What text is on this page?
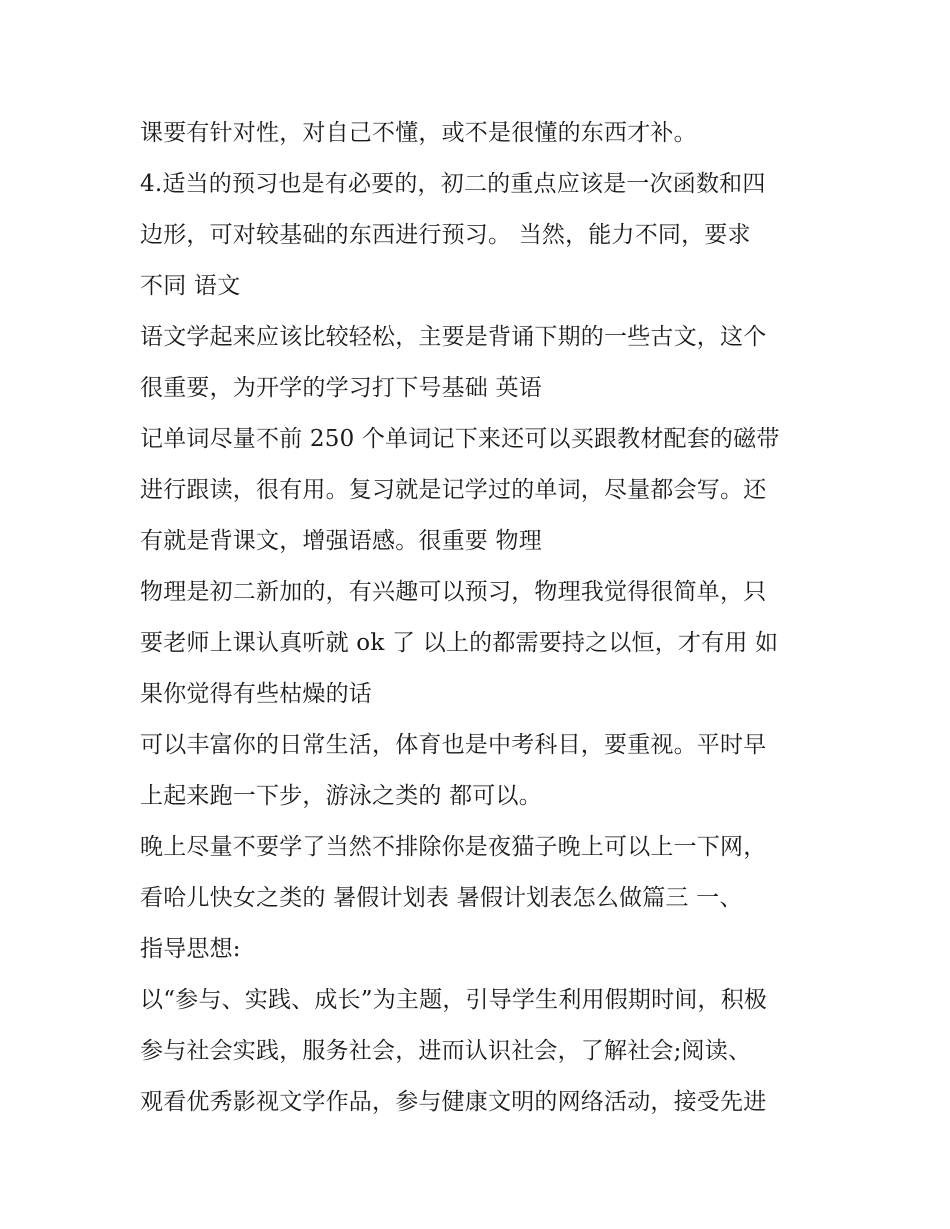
课要有针对性，对自己不懂，或不是很懂的东西才补。
4.适当的预习也是有必要的，初二的重点应该是一次函数和四
边形，可对较基础的东西进行预习。 当然，能力不同，要求
不同 语文
语文学起来应该比较轻松，主要是背诵下期的一些古文，这个
很重要，为开学的学习打下号基础 英语
记单词尽量不前 250 个单词记下来还可以买跟教材配套的磁带
进行跟读，很有用。复习就是记学过的单词，尽量都会写。还
有就是背课文，增强语感。很重要 物理
物理是初二新加的，有兴趣可以预习，物理我觉得很简单，只
要老师上课认真听就 ok 了 以上的都需要持之以恒，才有用 如
果你觉得有些枯燥的话
可以丰富你的日常生活，体育也是中考科目，要重视。平时早
上起来跑一下步，游泳之类的 都可以。
晚上尽量不要学了当然不排除你是夜猫子晚上可以上一下网，
看哈儿快女之类的 暑假计划表 暑假计划表怎么做篇三 一、
指导思想:
以“参与、实践、成长”为主题，引导学生利用假期时间，积极
参与社会实践，服务社会，进而认识社会，了解社会;阅读、
观看优秀影视文学作品，参与健康文明的网络活动，接受先进
